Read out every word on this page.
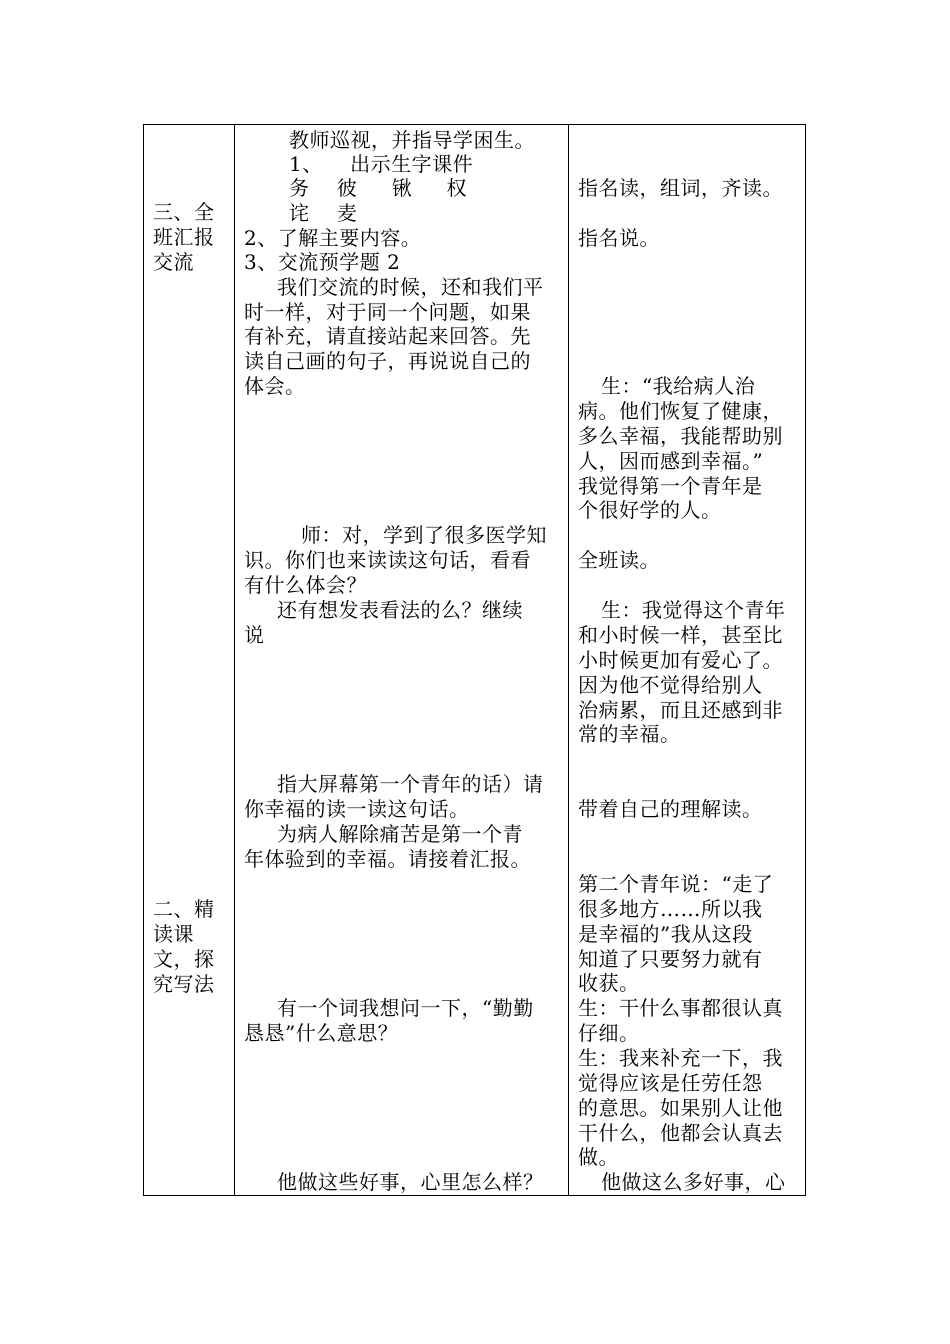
三、全
班汇报
交流
二、精
读课
文，探
究写法
教师巡视，并指导学困生。
1、    出示生字课件
务    彼     锹     权
诧    麦
2、了解主要内容。
3、交流预学题 2
我们交流的时候，还和我们平
时一样，对于同一个问题，如果
有补充，请直接站起来回答。先
读自己画的句子，再说说自己的
体会。
师：对，学到了很多医学知
识。你们也来读读这句话，看看
有什么体会？
还有想发表看法的么？继续
说
指大屏幕第一个青年的话）请
你幸福的读一读这句话。
为病人解除痛苦是第一个青
年体验到的幸福。请接着汇报。
有一个词我想问一下，“勤勤
恳恳”什么意思？
他做这些好事，心里怎么样？
指名读，组词，齐读。
指名说。
生：“我给病人治
病。他们恢复了健康，
多么幸福，我能帮助别
人，因而感到幸福。”
我觉得第一个青年是
个很好学的人。
全班读。
生：我觉得这个青年
和小时候一样，甚至比
小时候更加有爱心了。
因为他不觉得给别人
治病累，而且还感到非
常的幸福。
带着自己的理解读。
第二个青年说：“走了
很多地方……所以我
是幸福的”我从这段
知道了只要努力就有
收获。
生：干什么事都很认真
仔细。
生：我来补充一下，我
觉得应该是任劳任怨
的意思。如果别人让他
干什么，他都会认真去
做。
他做这么多好事，心
